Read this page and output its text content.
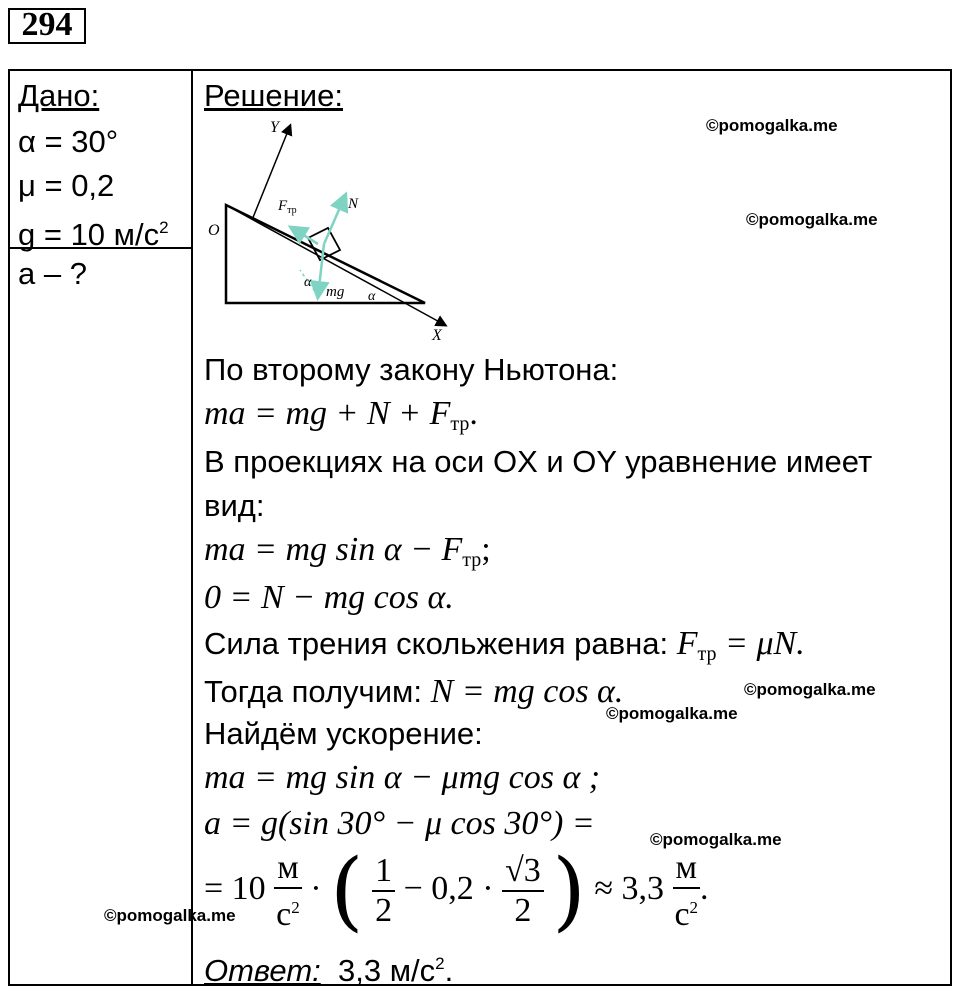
294
Дано:
α = 30°
μ = 0,2
g = 10 $м/с^2$
a – ?
Решение:
Y
X
O
$F_{тр}$	N
mg
α
α
По второму закону Ньютона:
ma = mg + $N + F_{тр}$.
В проекциях на оси OX и OY уравнение имеет
вид:
ma = mg $\sin \alpha - F_{тр}$;
0 = N − mg cos α.
Сила трения скольжения равна: $F_{тр} = \mu N$.
Тогда получим: N = mg cos α.
Найдём ускорение:
ma = mg sin α − μmg cos α ;
a = g(sin 30° − μ cos 30°) =
= $10 \frac{м}{с^2}$ · ( $\frac{1}{2} - 0,2 \cdot \frac{√3}{2}$ ) ≈ $3,3 \frac{м}{с^2}$ .
Ответ: 3,3 $м/с^2$.
©pomogalka.me
©pomogalka.me
©pomogalka.me
©pomogalka.me
©pomogalka.me
©pomogalka.me
